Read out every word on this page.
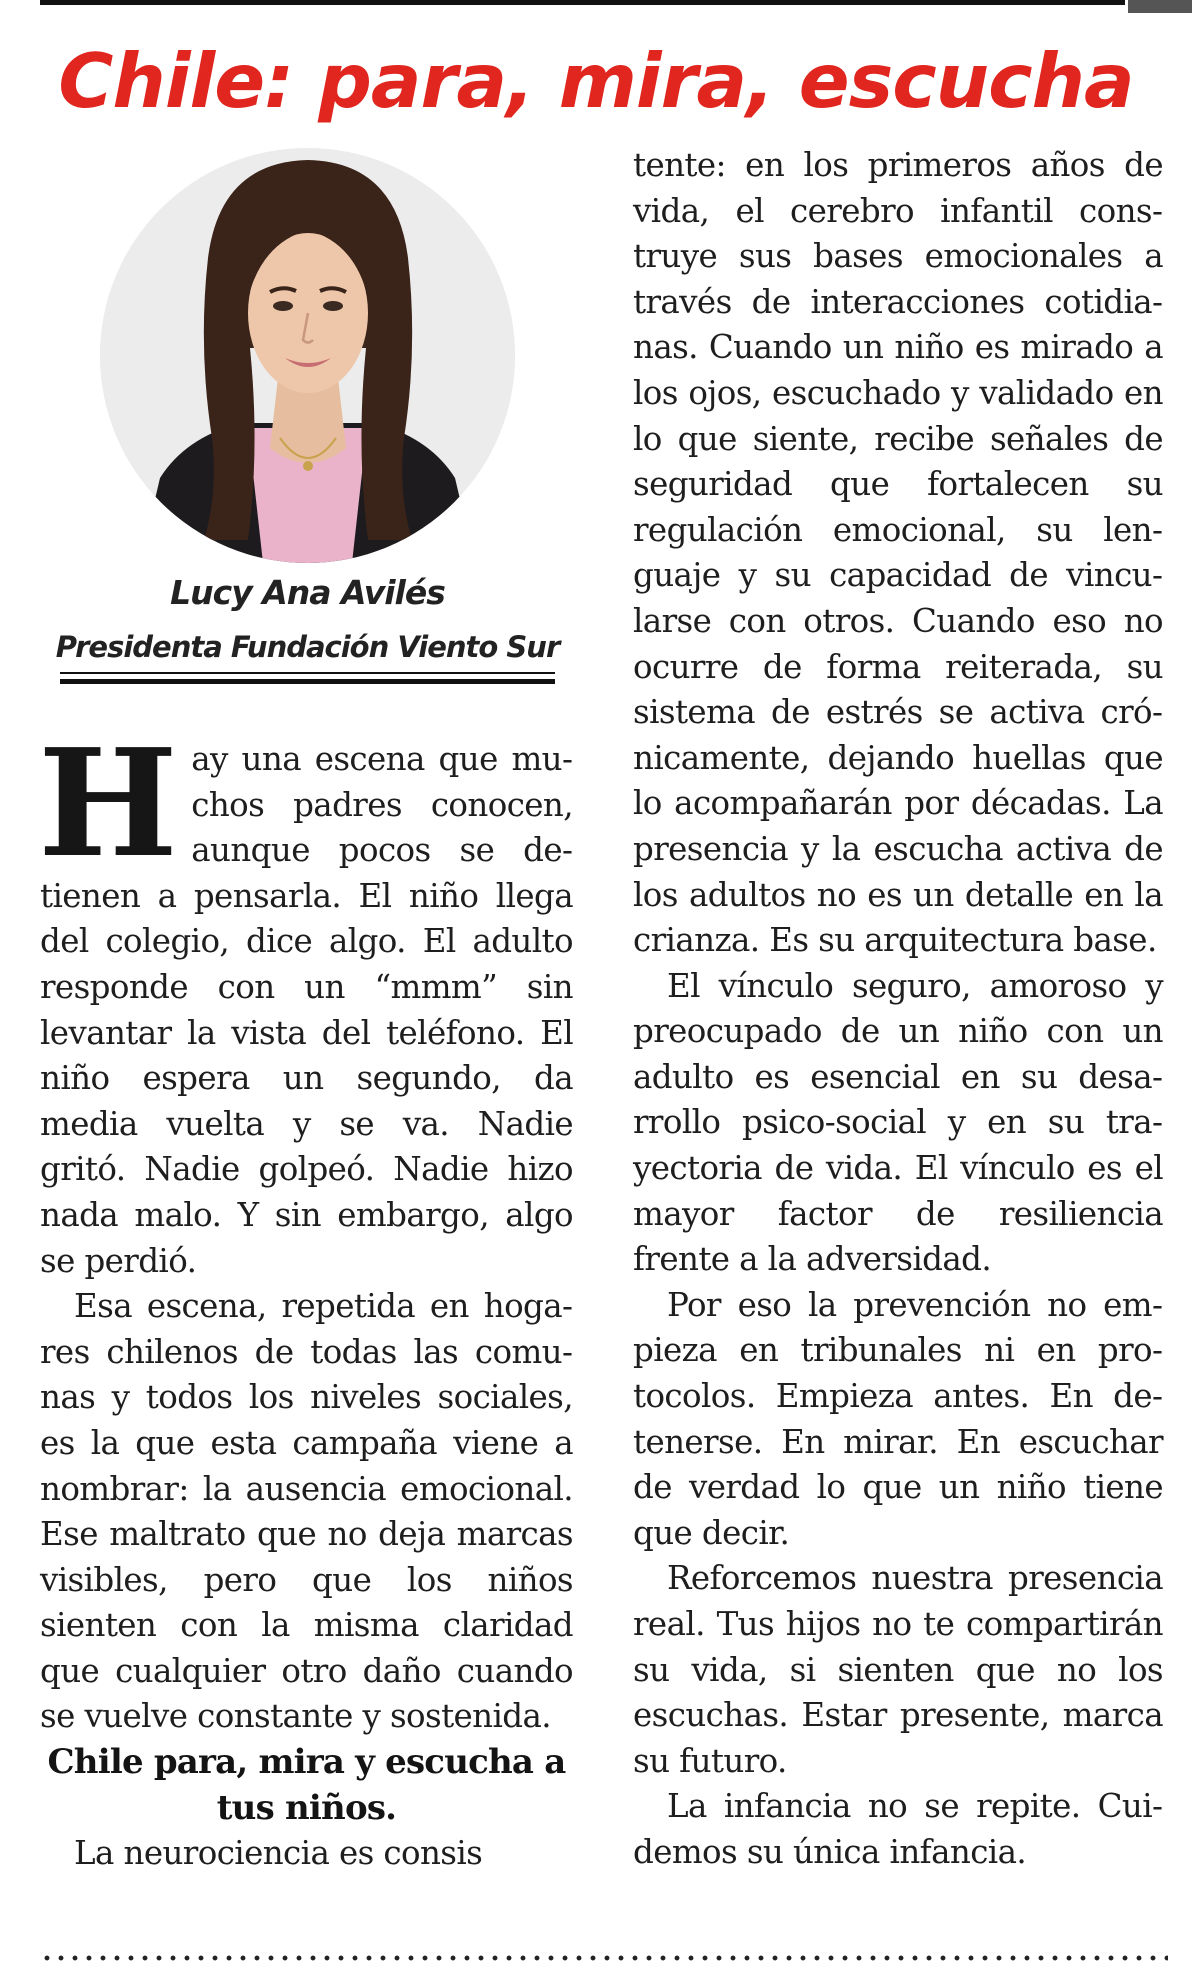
Chile: para, mira, escucha
Lucy Ana Avilés
Presidenta Fundación Viento Sur

Hay una escena que muchos padres conocen, aunque pocos se detienen a pensarla. El niño llega del colegio, dice algo. El adulto responde con un “mmm” sin levantar la vista del teléfono. El niño espera un segundo, da media vuelta y se va. Nadie gritó. Nadie golpeó. Nadie hizo nada malo. Y sin embargo, algo se perdió.

Esa escena, repetida en hogares chilenos de todas las comunas y todos los niveles sociales, es la que esta campaña viene a nombrar: la ausencia emocional. Ese maltrato que no deja marcas visibles, pero que los niños sienten con la misma claridad que cualquier otro daño cuando se vuelve constante y sostenida.

Chile para, mira y escucha a tus niños.

La neurociencia es consis

tente: en los primeros años de vida, el cerebro infantil construye sus bases emocionales a través de interacciones cotidianas. Cuando un niño es mirado a los ojos, escuchado y validado en lo que siente, recibe señales de seguridad que fortalecen su regulación emocional, su lenguaje y su capacidad de vincularse con otros. Cuando eso no ocurre de forma reiterada, su sistema de estrés se activa crónicamente, dejando huellas que lo acompañarán por décadas. La presencia y la escucha activa de los adultos no es un detalle en la crianza. Es su arquitectura base.

El vínculo seguro, amoroso y preocupado de un niño con un adulto es esencial en su desarrollo psico-social y en su trayectoria de vida. El vínculo es el mayor factor de resiliencia frente a la adversidad.

Por eso la prevención no empieza en tribunales ni en protocolos. Empieza antes. En detenerse. En mirar. En escuchar de verdad lo que un niño tiene que decir.

Reforcemos nuestra presencia real. Tus hijos no te compartirán su vida, si sienten que no los escuchas. Estar presente, marca su futuro.

La infancia no se repite. Cuidemos su única infancia.
